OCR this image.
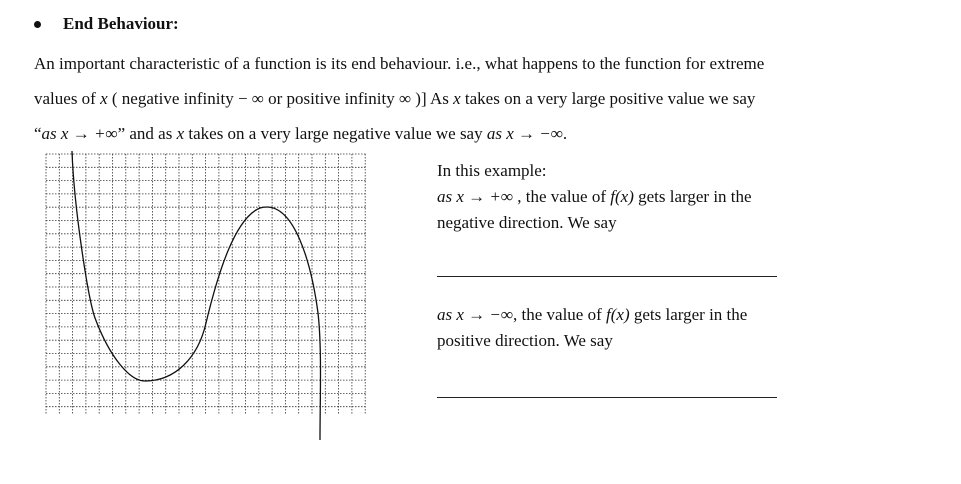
End Behaviour:
An important characteristic of a function is its end behaviour. i.e., what happens to the function for extreme
values of x ( negative infinity − ∞ or positive infinity ∞ )] As x takes on a very large positive value we say
“as x → +∞” and as x takes on a very large negative value we say as x → −∞.
In this example:
as x → +∞ , the value of f(x) gets larger in the
negative direction. We say
as x → −∞, the value of f(x) gets larger in the
positive direction. We say
